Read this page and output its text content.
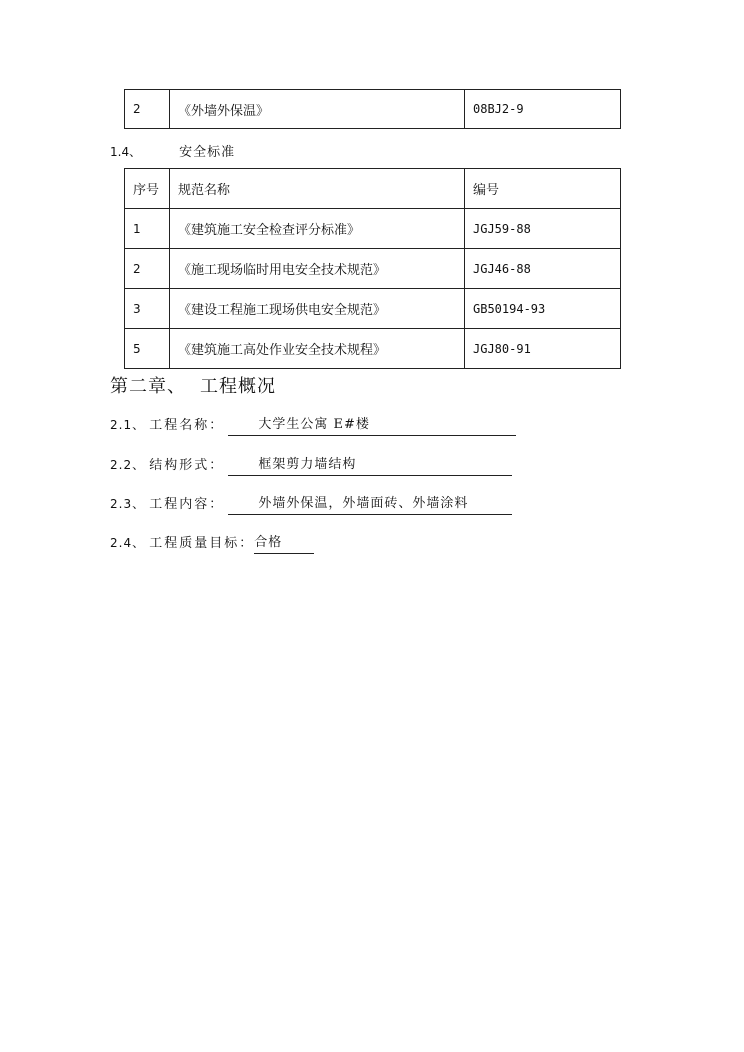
2	《外墙外保温》	08BJ2-9
1.4、	安全标准
序号	规范名称	编号
1	《建筑施工安全检查评分标准》	JGJ59-88
2	《施工现场临时用电安全技术规范》	JGJ46-88
3	《建设工程施工现场供电安全规范》	GB50194-93
5	《建筑施工高处作业安全技术规程》	JGJ80-91
第二章、 工程概况
2.1、 工程名称：	大学生公寓 E#楼
2.2、 结构形式：	框架剪力墙结构
2.3、 工程内容：	外墙外保温，外墙面砖、外墙涂料
2.4、 工程质量目标：合格
